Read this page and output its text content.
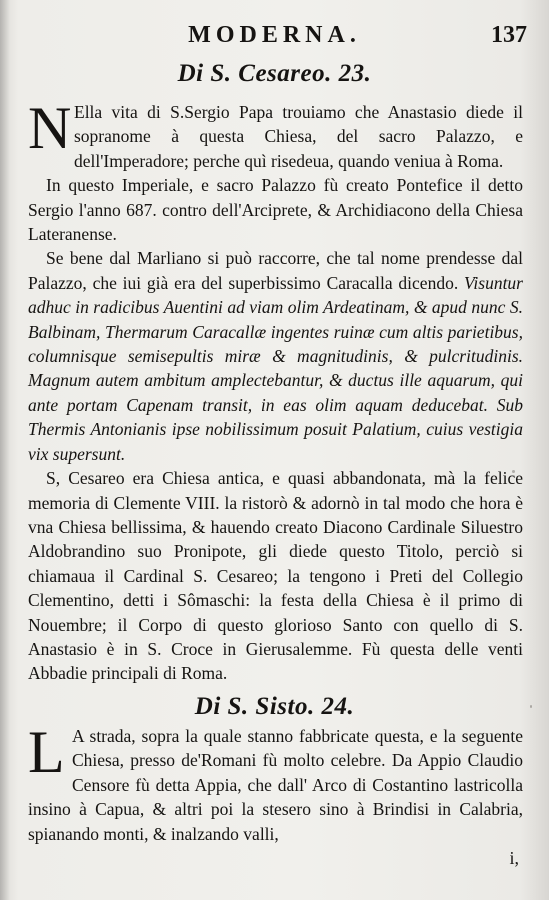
MODERNA.	137
Di S. Cesareo. 23.

N Ella vita di S.Sergio Papa trouiamo che Anastasio diede il sopranome à questa Chiesa, del sacro Palazzo, e dell'Imperadore; perche quì risedeua, quando veniua à Roma.

In questo Imperiale, e sacro Palazzo fù creato Pontefice il detto Sergio l'anno 687. contro dell'Arciprete, & Archidiacono della Chiesa Lateranense.

Se bene dal Marliano si può raccorre, che tal nome prendesse dal Palazzo, che iui già era del superbissimo Caracalla dicendo. Visuntur adhuc in radicibus Auentini ad viam olim Ardeatinam, & apud nunc S. Balbinam, Thermarum Caracallæ ingentes ruinæ cum altis parietibus, columnisque semisepultis miræ & magnitudinis, & pulcritudinis. Magnum autem ambitum amplectebantur, & ductus ille aquarum, qui ante portam Capenam transit, in eas olim aquam deducebat. Sub Thermis Antonianis ipse nobilissimum posuit Palatium, cuius vestigia vix supersunt.

S, Cesareo era Chiesa antica, e quasi abbandonata, mà la felice memoria di Clemente VIII. la ristorò & adornò in tal modo che hora è vna Chiesa bellissima, & hauendo creato Diacono Cardinale Siluestro Aldobrandino suo Pronipote, gli diede questo Titolo, perciò si chiamaua il Cardinal S. Cesareo; la tengono i Preti del Collegio Clementino, detti i Sômaschi: la festa della Chiesa è il primo di Nouembre; il Corpo di questo glorioso Santo con quello di S. Anastasio è in S. Croce in Gierusalemme. Fù questa delle venti Abbadie principali di Roma.

Di S. Sisto. 24.

L A strada, sopra la quale stanno fabbricate questa, e la seguente Chiesa, presso de'Romani fù molto celebre. Da Appio Claudio Censore fù detta Appia, che dall' Arco di Costantino lastricolla insino à Capua, & altri poi la stesero sino à Brindisi in Calabria, spianando monti, & inalzando valli,

i,
